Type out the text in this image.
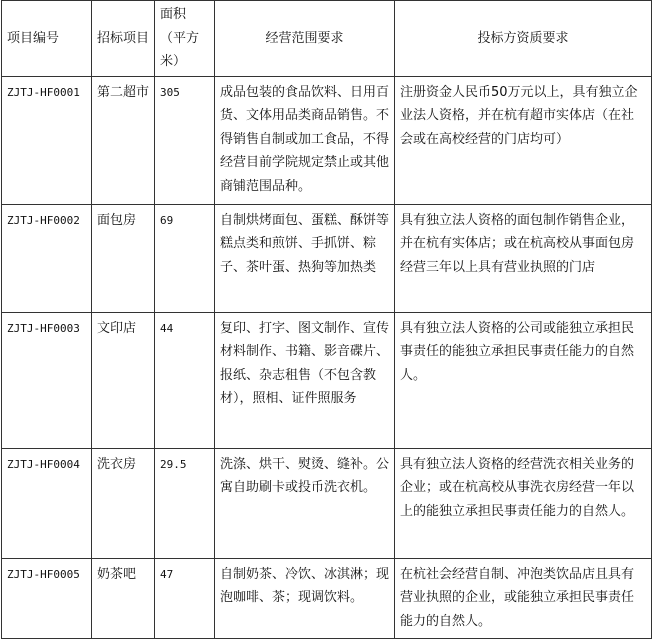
项目编号	招标项目	面积（平方米）	经营范围要求	投标方资质要求
ZJTJ-HF0001	第二超市	305	成品包装的食品饮料、日用百货、文体用品类商品销售。不得销售自制或加工食品，不得经营目前学院规定禁止或其他商铺范围品种。	注册资金人民币50万元以上，具有独立企业法人资格，并在杭有超市实体店（在社会或在高校经营的门店均可）
ZJTJ-HF0002	面包房	69	自制烘烤面包、蛋糕、酥饼等糕点类和煎饼、手抓饼、粽子、茶叶蛋、热狗等加热类	具有独立法人资格的面包制作销售企业，并在杭有实体店；或在杭高校从事面包房经营三年以上具有营业执照的门店
ZJTJ-HF0003	文印店	44	复印、打字、图文制作、宣传材料制作、书籍、影音碟片、报纸、杂志租售（不包含教材），照相、证件照服务	具有独立法人资格的公司或能独立承担民事责任的能独立承担民事责任能力的自然人。
ZJTJ-HF0004	洗衣房	29.5	洗涤、烘干、熨烫、缝补。公寓自助刷卡或投币洗衣机。	具有独立法人资格的经营洗衣相关业务的企业；或在杭高校从事洗衣房经营一年以上的能独立承担民事责任能力的自然人。
ZJTJ-HF0005	奶茶吧	47	自制奶茶、冷饮、冰淇淋；现泡咖啡、茶；现调饮料。	在杭社会经营自制、冲泡类饮品店且具有营业执照的企业，或能独立承担民事责任能力的自然人。
